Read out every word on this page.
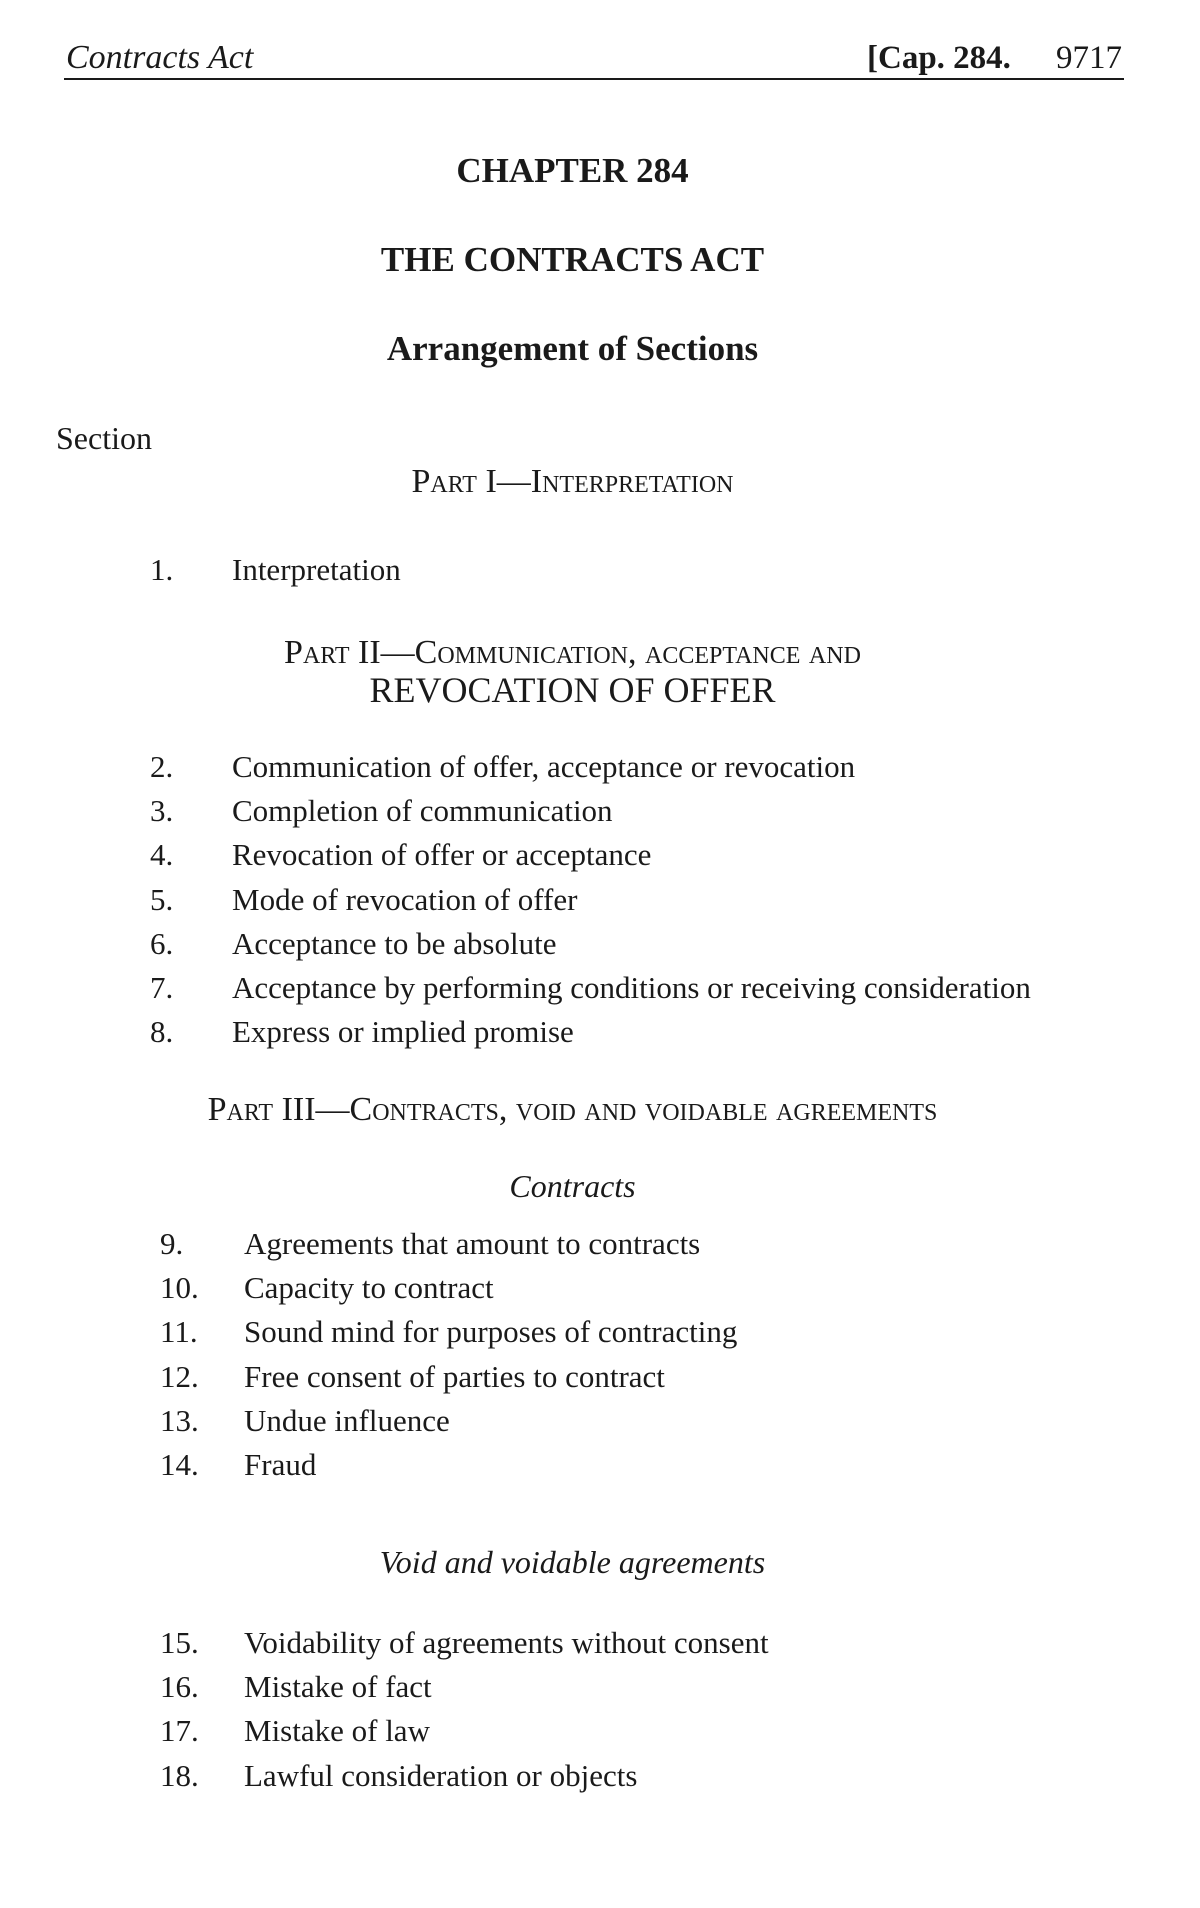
Contracts Act	[Cap. 284. 9717
CHAPTER 284
THE CONTRACTS ACT
Arrangement of Sections
Section
Part I—Interpretation
1. Interpretation
Part II—Communication, acceptance and
REVOCATION OF OFFER
2. Communication of offer, acceptance or revocation
3. Completion of communication
4. Revocation of offer or acceptance
5. Mode of revocation of offer
6. Acceptance to be absolute
7. Acceptance by performing conditions or receiving consideration
8. Express or implied promise
Part III—Contracts, void and voidable agreements
Contracts
9. Agreements that amount to contracts
10. Capacity to contract
11. Sound mind for purposes of contracting
12. Free consent of parties to contract
13. Undue influence
14. Fraud
Void and voidable agreements
15. Voidability of agreements without consent
16. Mistake of fact
17. Mistake of law
18. Lawful consideration or objects
